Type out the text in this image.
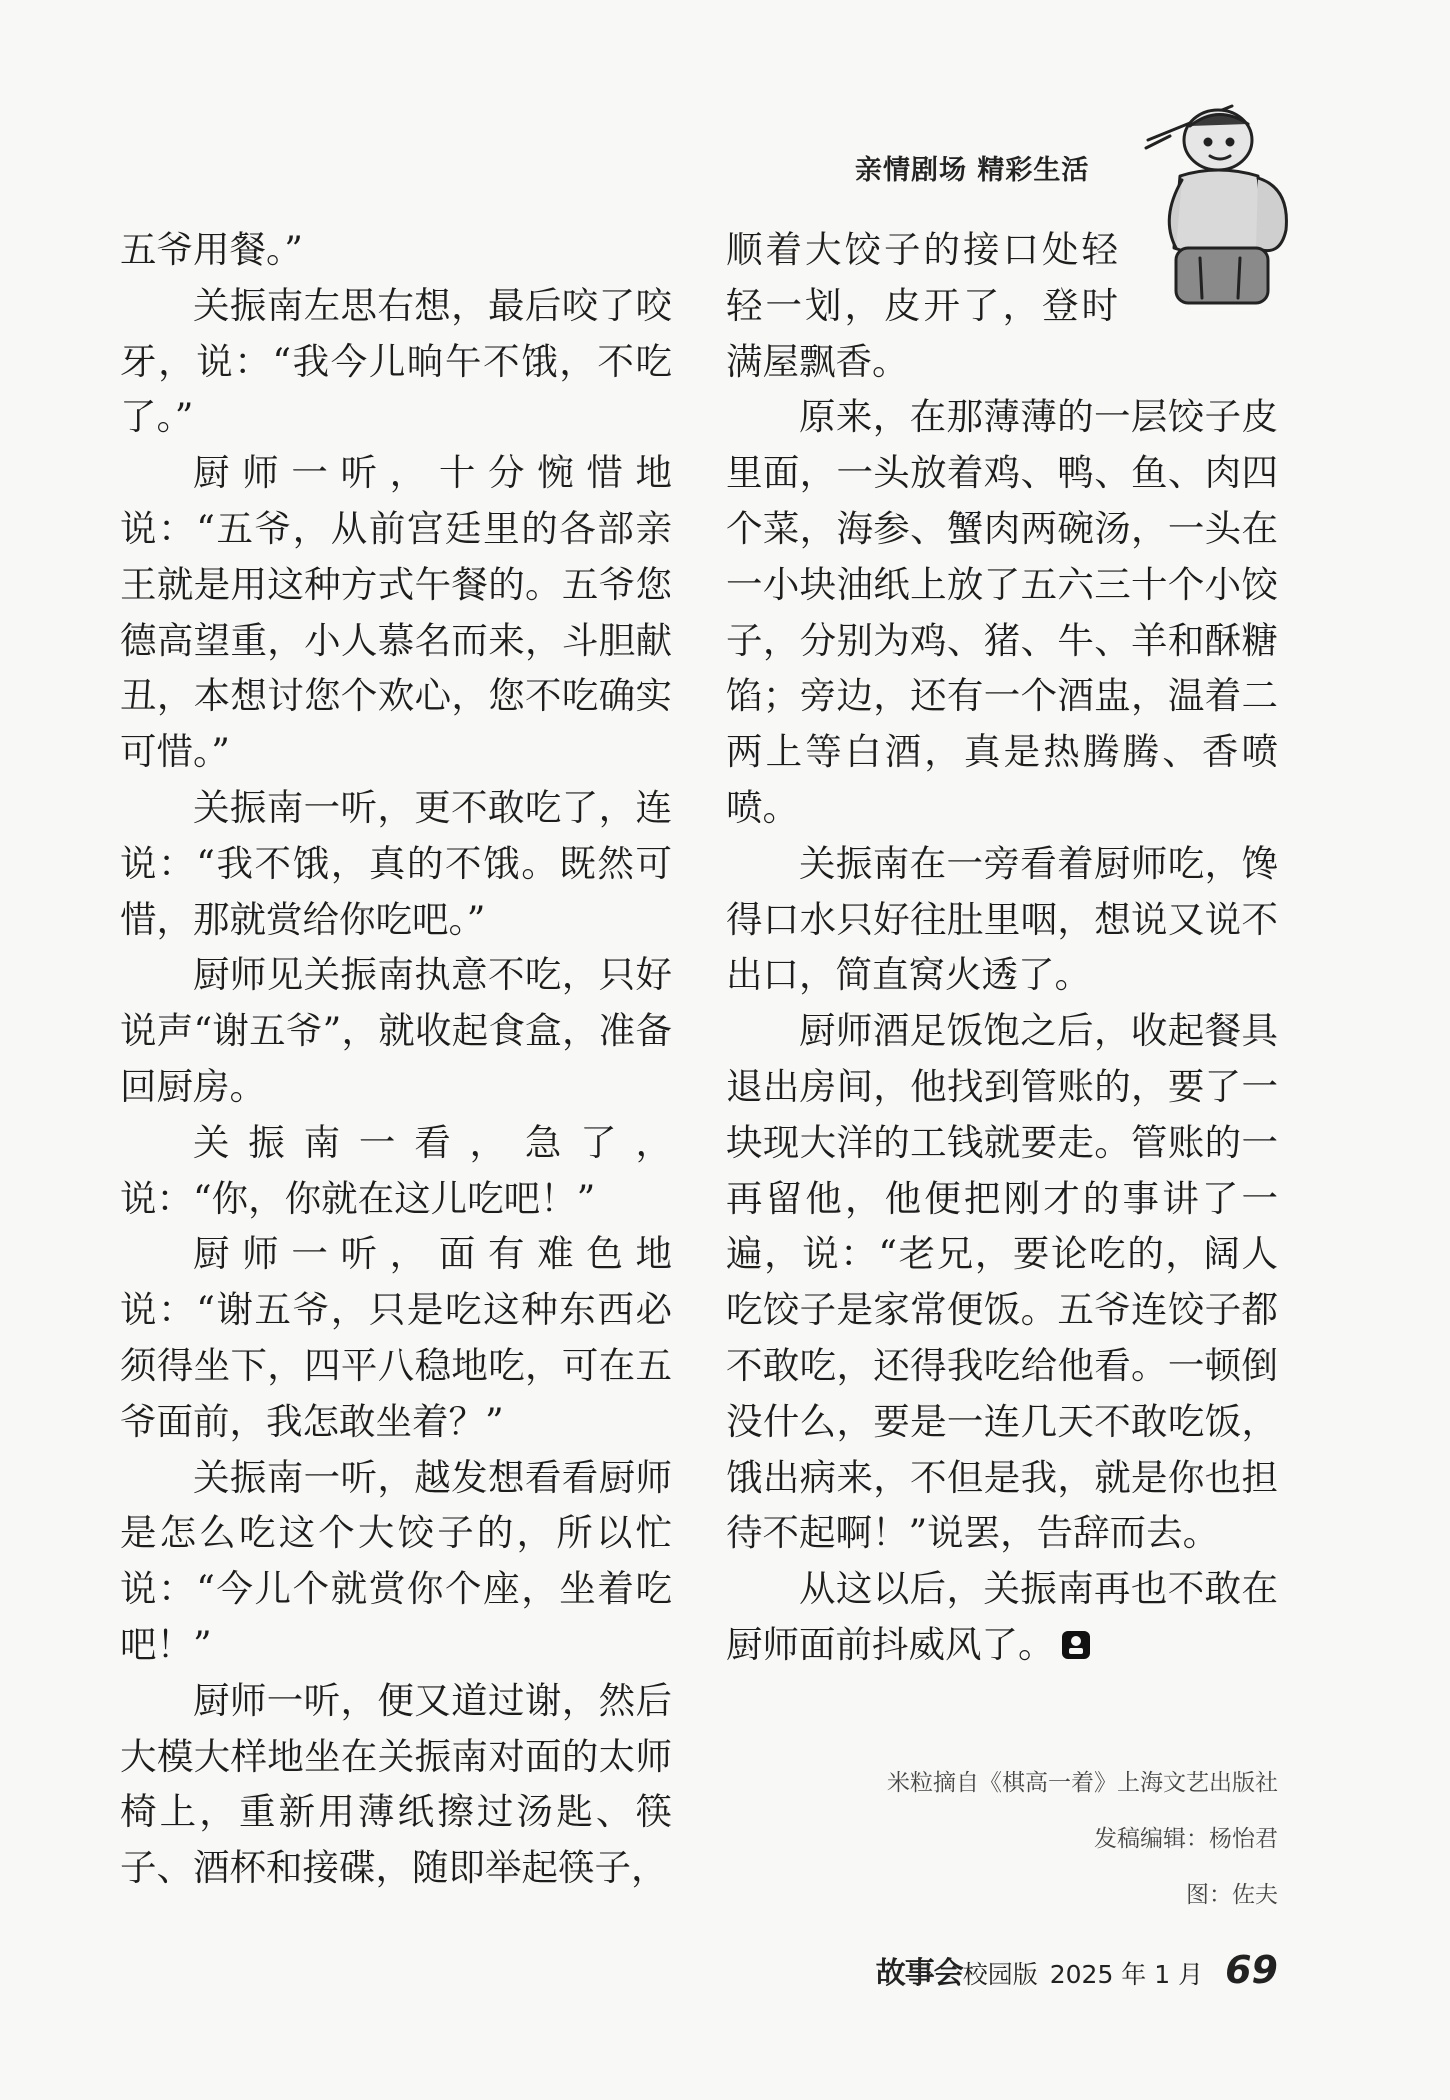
亲情剧场 精彩生活

五爷用餐。”

关振南左思右想，最后咬了咬牙，说：“我今儿晌午不饿，不吃了。”

厨师一听，十分惋惜地说：“五爷，从前宫廷里的各部亲王就是用这种方式午餐的。五爷您德高望重，小人慕名而来，斗胆献丑，本想讨您个欢心，您不吃确实可惜。”

关振南一听，更不敢吃了，连说：“我不饿，真的不饿。既然可惜，那就赏给你吃吧。”

厨师见关振南执意不吃，只好说声“谢五爷”，就收起食盒，准备回厨房。

关振南一看，急了，说：“你，你就在这儿吃吧！”

厨师一听，面有难色地说：“谢五爷，只是吃这种东西必须得坐下，四平八稳地吃，可在五爷面前，我怎敢坐着？”

关振南一听，越发想看看厨师是怎么吃这个大饺子的，所以忙说：“今儿个就赏你个座，坐着吃吧！”

厨师一听，便又道过谢，然后大模大样地坐在关振南对面的太师椅上，重新用薄纸擦过汤匙、筷子、酒杯和接碟，随即举起筷子，

顺着大饺子的接口处轻轻一划，皮开了，登时满屋飘香。

原来，在那薄薄的一层饺子皮里面，一头放着鸡、鸭、鱼、肉四个菜，海参、蟹肉两碗汤，一头在一小块油纸上放了五六三十个小饺子，分别为鸡、猪、牛、羊和酥糖馅；旁边，还有一个酒盅，温着二两上等白酒，真是热腾腾、香喷喷。

关振南在一旁看着厨师吃，馋得口水只好往肚里咽，想说又说不出口，简直窝火透了。

厨师酒足饭饱之后，收起餐具退出房间，他找到管账的，要了一块现大洋的工钱就要走。管账的一再留他，他便把刚才的事讲了一遍，说：“老兄，要论吃的，阔人吃饺子是家常便饭。五爷连饺子都不敢吃，还得我吃给他看。一顿倒没什么，要是一连几天不敢吃饭，饿出病来，不但是我，就是你也担待不起啊！”说罢，告辞而去。

从这以后，关振南再也不敢在厨师面前抖威风了。

米粒摘自《棋高一着》上海文艺出版社
发稿编辑：杨怡君
图：佐夫
故事会 校园版 2025 年 1 月 69
